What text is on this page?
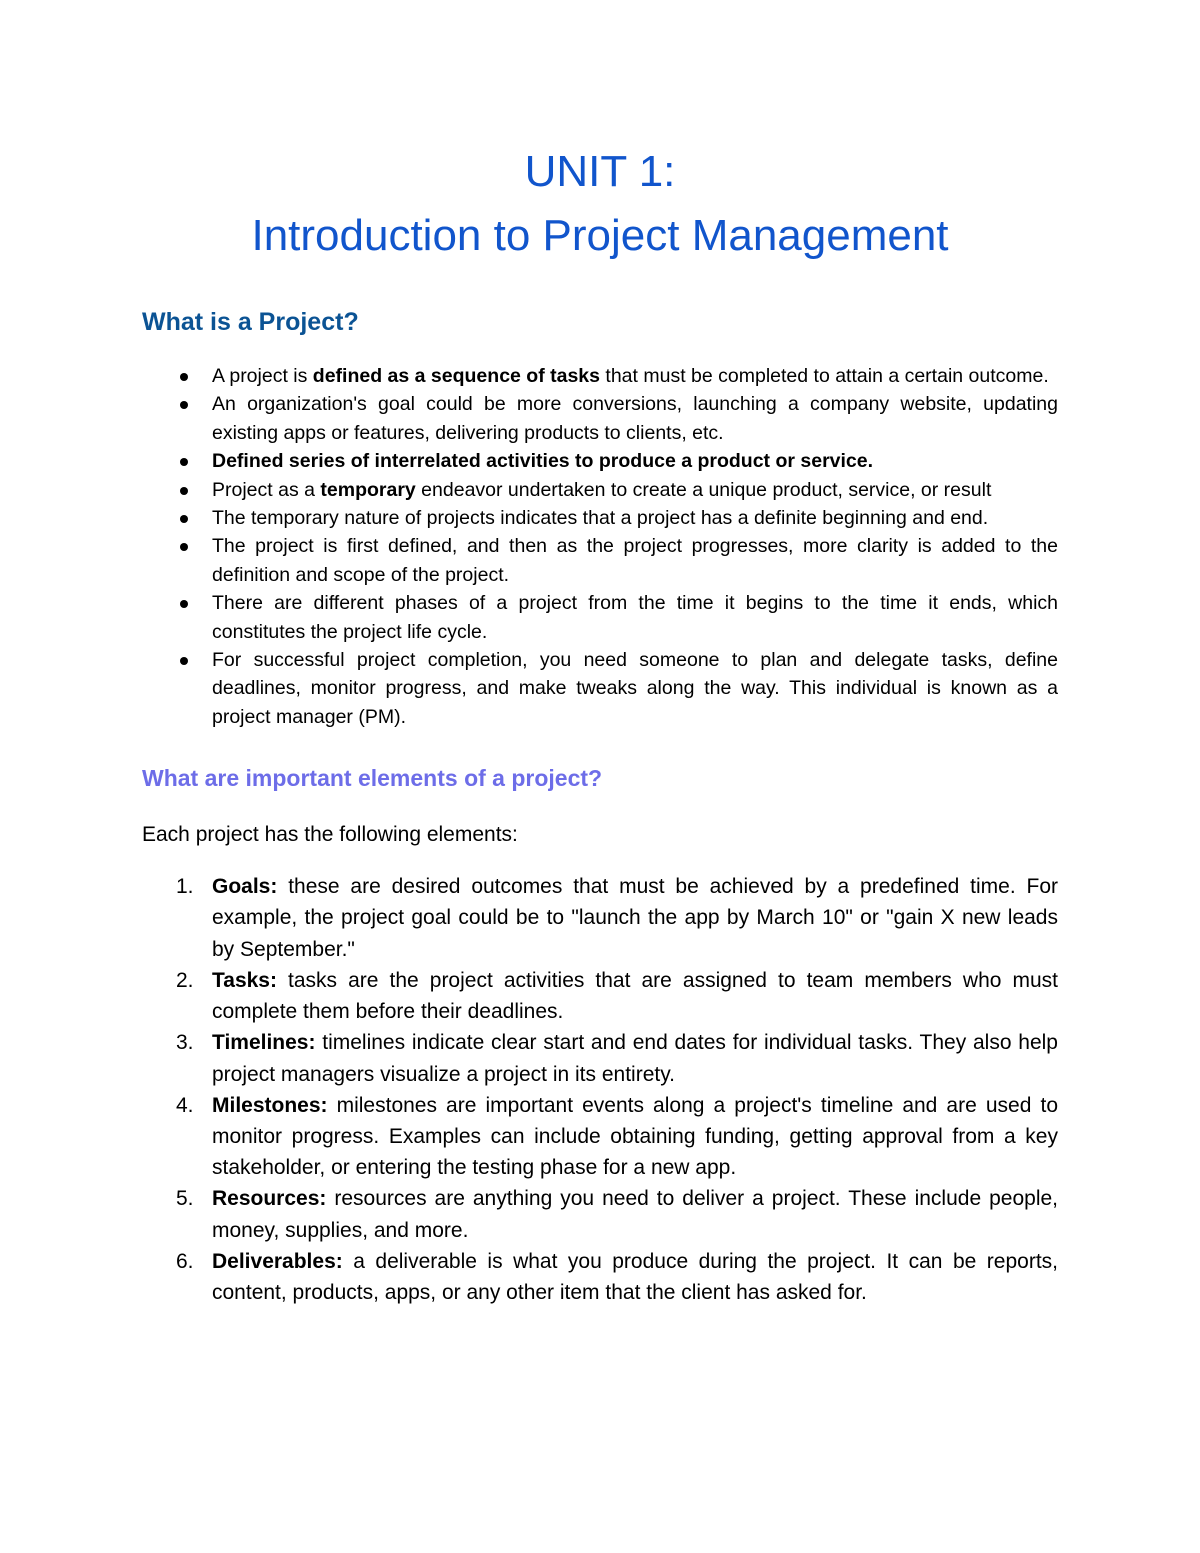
UNIT 1:
Introduction to Project Management
What is a Project?
A project is defined as a sequence of tasks that must be completed to attain a certain outcome.
An organization's goal could be more conversions, launching a company website, updating existing apps or features, delivering products to clients, etc.
Defined series of interrelated activities to produce a product or service.
Project as a temporary endeavor undertaken to create a unique product, service, or result
The temporary nature of projects indicates that a project has a definite beginning and end.
The project is first defined, and then as the project progresses, more clarity is added to the definition and scope of the project.
There are different phases of a project from the time it begins to the time it ends, which constitutes the project life cycle.
For successful project completion, you need someone to plan and delegate tasks, define deadlines, monitor progress, and make tweaks along the way. This individual is known as a project manager (PM).
What are important elements of a project?

Each project has the following elements:

1. Goals: these are desired outcomes that must be achieved by a predefined time. For example, the project goal could be to "launch the app by March 10" or "gain X new leads by September."
2. Tasks: tasks are the project activities that are assigned to team members who must complete them before their deadlines.
3. Timelines: timelines indicate clear start and end dates for individual tasks. They also help project managers visualize a project in its entirety.
4. Milestones: milestones are important events along a project's timeline and are used to monitor progress. Examples can include obtaining funding, getting approval from a key stakeholder, or entering the testing phase for a new app.
5. Resources: resources are anything you need to deliver a project. These include people, money, supplies, and more.
6. Deliverables: a deliverable is what you produce during the project. It can be reports, content, products, apps, or any other item that the client has asked for.
